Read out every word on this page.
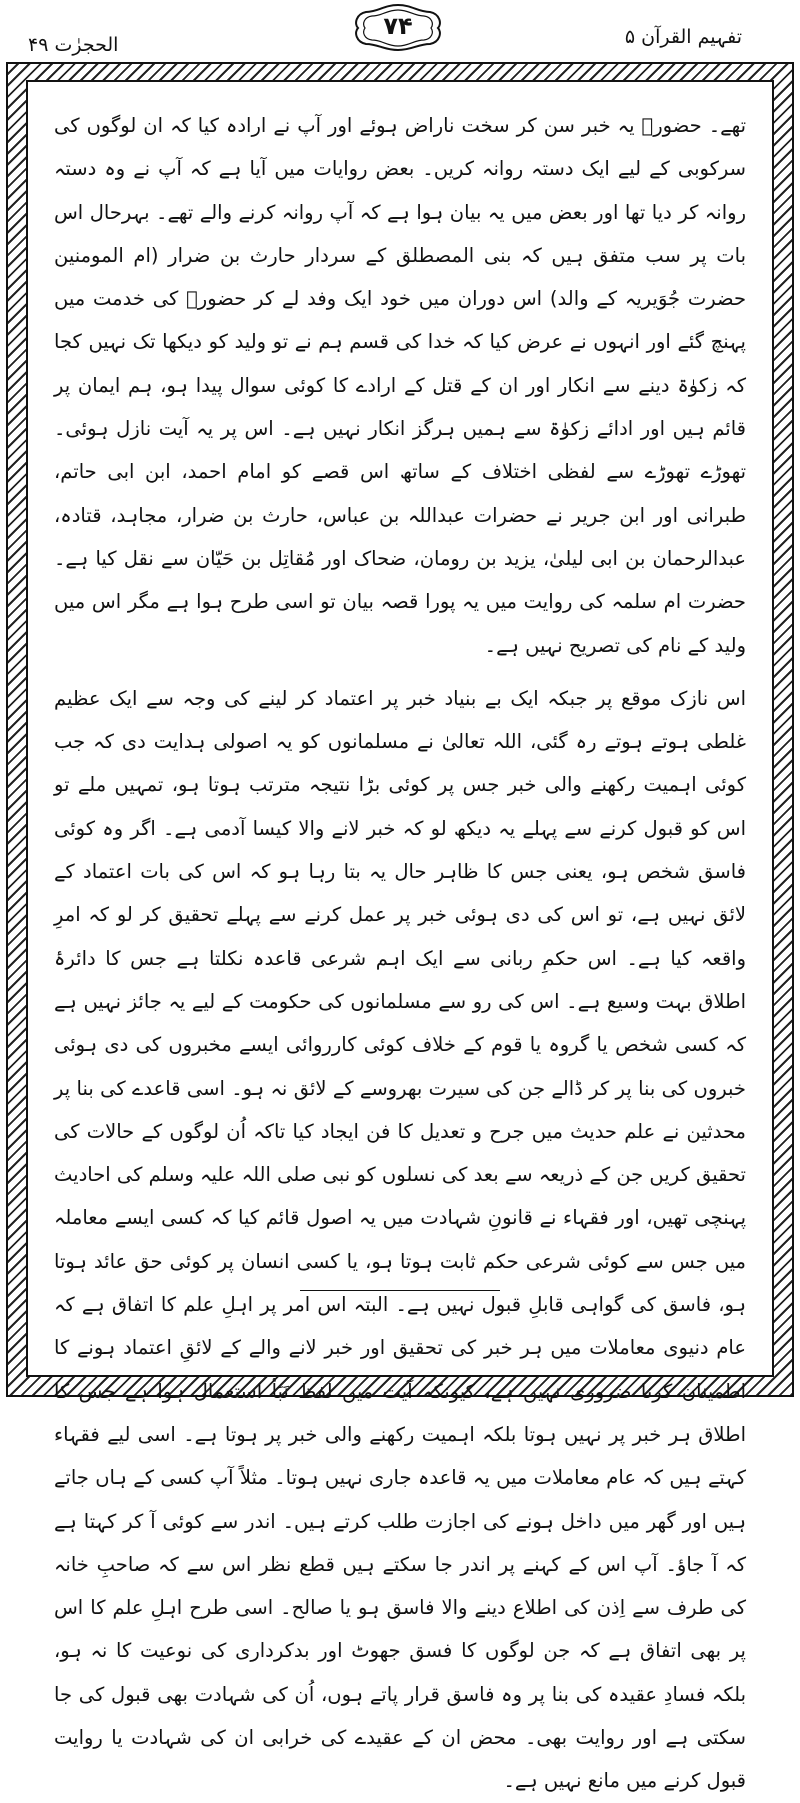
الحجرٰت ۴۹
۷۴	تفہیم القرآن ۵

تھے۔ حضورؐ یہ خبر سن کر سخت ناراض ہوئے اور آپ نے ارادہ کیا کہ ان لوگوں کی سرکوبی کے لیے ایک دستہ روانہ کریں۔ بعض روایات میں آیا ہے کہ آپ نے وہ دستہ روانہ کر دیا تھا اور بعض میں یہ بیان ہوا ہے کہ آپ روانہ کرنے والے تھے۔ بہرحال اس بات پر سب متفق ہیں کہ بنی المصطلق کے سردار حارث بن ضرار (ام المومنین حضرت جُوَیریہ کے والد) اس دوران میں خود ایک وفد لے کر حضورؐ کی خدمت میں پہنچ گئے اور انہوں نے عرض کیا کہ خدا کی قسم ہم نے تو ولید کو دیکھا تک نہیں کجا کہ زکوٰۃ دینے سے انکار اور ان کے قتل کے ارادے کا کوئی سوال پیدا ہو، ہم ایمان پر قائم ہیں اور ادائے زکوٰۃ سے ہمیں ہرگز انکار نہیں ہے۔ اس پر یہ آیت نازل ہوئی۔ تھوڑے تھوڑے سے لفظی اختلاف کے ساتھ اس قصے کو امام احمد، ابن ابی حاتم، طبرانی اور ابن جریر نے حضرات عبداللہ بن عباس، حارث بن ضرار، مجاہد، قتادہ، عبدالرحمان بن ابی لیلیٰ، یزید بن رومان، ضحاک اور مُقاتِل بن حَیّان سے نقل کیا ہے۔ حضرت ام سلمہ کی روایت میں یہ پورا قصہ بیان تو اسی طرح ہوا ہے مگر اس میں ولید کے نام کی تصریح نہیں ہے۔

اس نازک موقع پر جبکہ ایک بے بنیاد خبر پر اعتماد کر لینے کی وجہ سے ایک عظیم غلطی ہوتے ہوتے رہ گئی، اللہ تعالیٰ نے مسلمانوں کو یہ اصولی ہدایت دی کہ جب کوئی اہمیت رکھنے والی خبر جس پر کوئی بڑا نتیجہ مترتب ہوتا ہو، تمہیں ملے تو اس کو قبول کرنے سے پہلے یہ دیکھ لو کہ خبر لانے والا کیسا آدمی ہے۔ اگر وہ کوئی فاسق شخص ہو، یعنی جس کا ظاہر حال یہ بتا رہا ہو کہ اس کی بات اعتماد کے لائق نہیں ہے، تو اس کی دی ہوئی خبر پر عمل کرنے سے پہلے تحقیق کر لو کہ امرِ واقعہ کیا ہے۔ اس حکمِ ربانی سے ایک اہم شرعی قاعدہ نکلتا ہے جس کا دائرۂ اطلاق بہت وسیع ہے۔ اس کی رو سے مسلمانوں کی حکومت کے لیے یہ جائز نہیں ہے کہ کسی شخص یا گروہ یا قوم کے خلاف کوئی کارروائی ایسے مخبروں کی دی ہوئی خبروں کی بنا پر کر ڈالے جن کی سیرت بھروسے کے لائق نہ ہو۔ اسی قاعدے کی بنا پر محدثین نے علم حدیث میں جرح و تعدیل کا فن ایجاد کیا تاکہ اُن لوگوں کے حالات کی تحقیق کریں جن کے ذریعہ سے بعد کی نسلوں کو نبی صلی اللہ علیہ وسلم کی احادیث پہنچی تھیں، اور فقہاء نے قانونِ شہادت میں یہ اصول قائم کیا کہ کسی ایسے معاملہ میں جس سے کوئی شرعی حکم ثابت ہوتا ہو، یا کسی انسان پر کوئی حق عائد ہوتا ہو، فاسق کی گواہی قابلِ قبول نہیں ہے۔ البتہ اس امر پر اہلِ علم کا اتفاق ہے کہ عام دنیوی معاملات میں ہر خبر کی تحقیق اور خبر لانے والے کے لائقِ اعتماد ہونے کا اطمینان کرنا ضروری نہیں ہے، کیونکہ آیت میں لفظ نَبَأ استعمال ہوا ہے جس کا اطلاق ہر خبر پر نہیں ہوتا بلکہ اہمیت رکھنے والی خبر پر ہوتا ہے۔ اسی لیے فقہاء کہتے ہیں کہ عام معاملات میں یہ قاعدہ جاری نہیں ہوتا۔ مثلاً آپ کسی کے ہاں جاتے ہیں اور گھر میں داخل ہونے کی اجازت طلب کرتے ہیں۔ اندر سے کوئی آ کر کہتا ہے کہ آ جاؤ۔ آپ اس کے کہنے پر اندر جا سکتے ہیں قطع نظر اس سے کہ صاحبِ خانہ کی طرف سے اِذن کی اطلاع دینے والا فاسق ہو یا صالح۔ اسی طرح اہلِ علم کا اس پر بھی اتفاق ہے کہ جن لوگوں کا فسق جھوٹ اور بدکرداری کی نوعیت کا نہ ہو، بلکہ فسادِ عقیدہ کی بنا پر وہ فاسق قرار پاتے ہوں، اُن کی شہادت بھی قبول کی جا سکتی ہے اور روایت بھی۔ محض ان کے عقیدے کی خرابی ان کی شہادت یا روایت قبول کرنے میں مانع نہیں ہے۔
